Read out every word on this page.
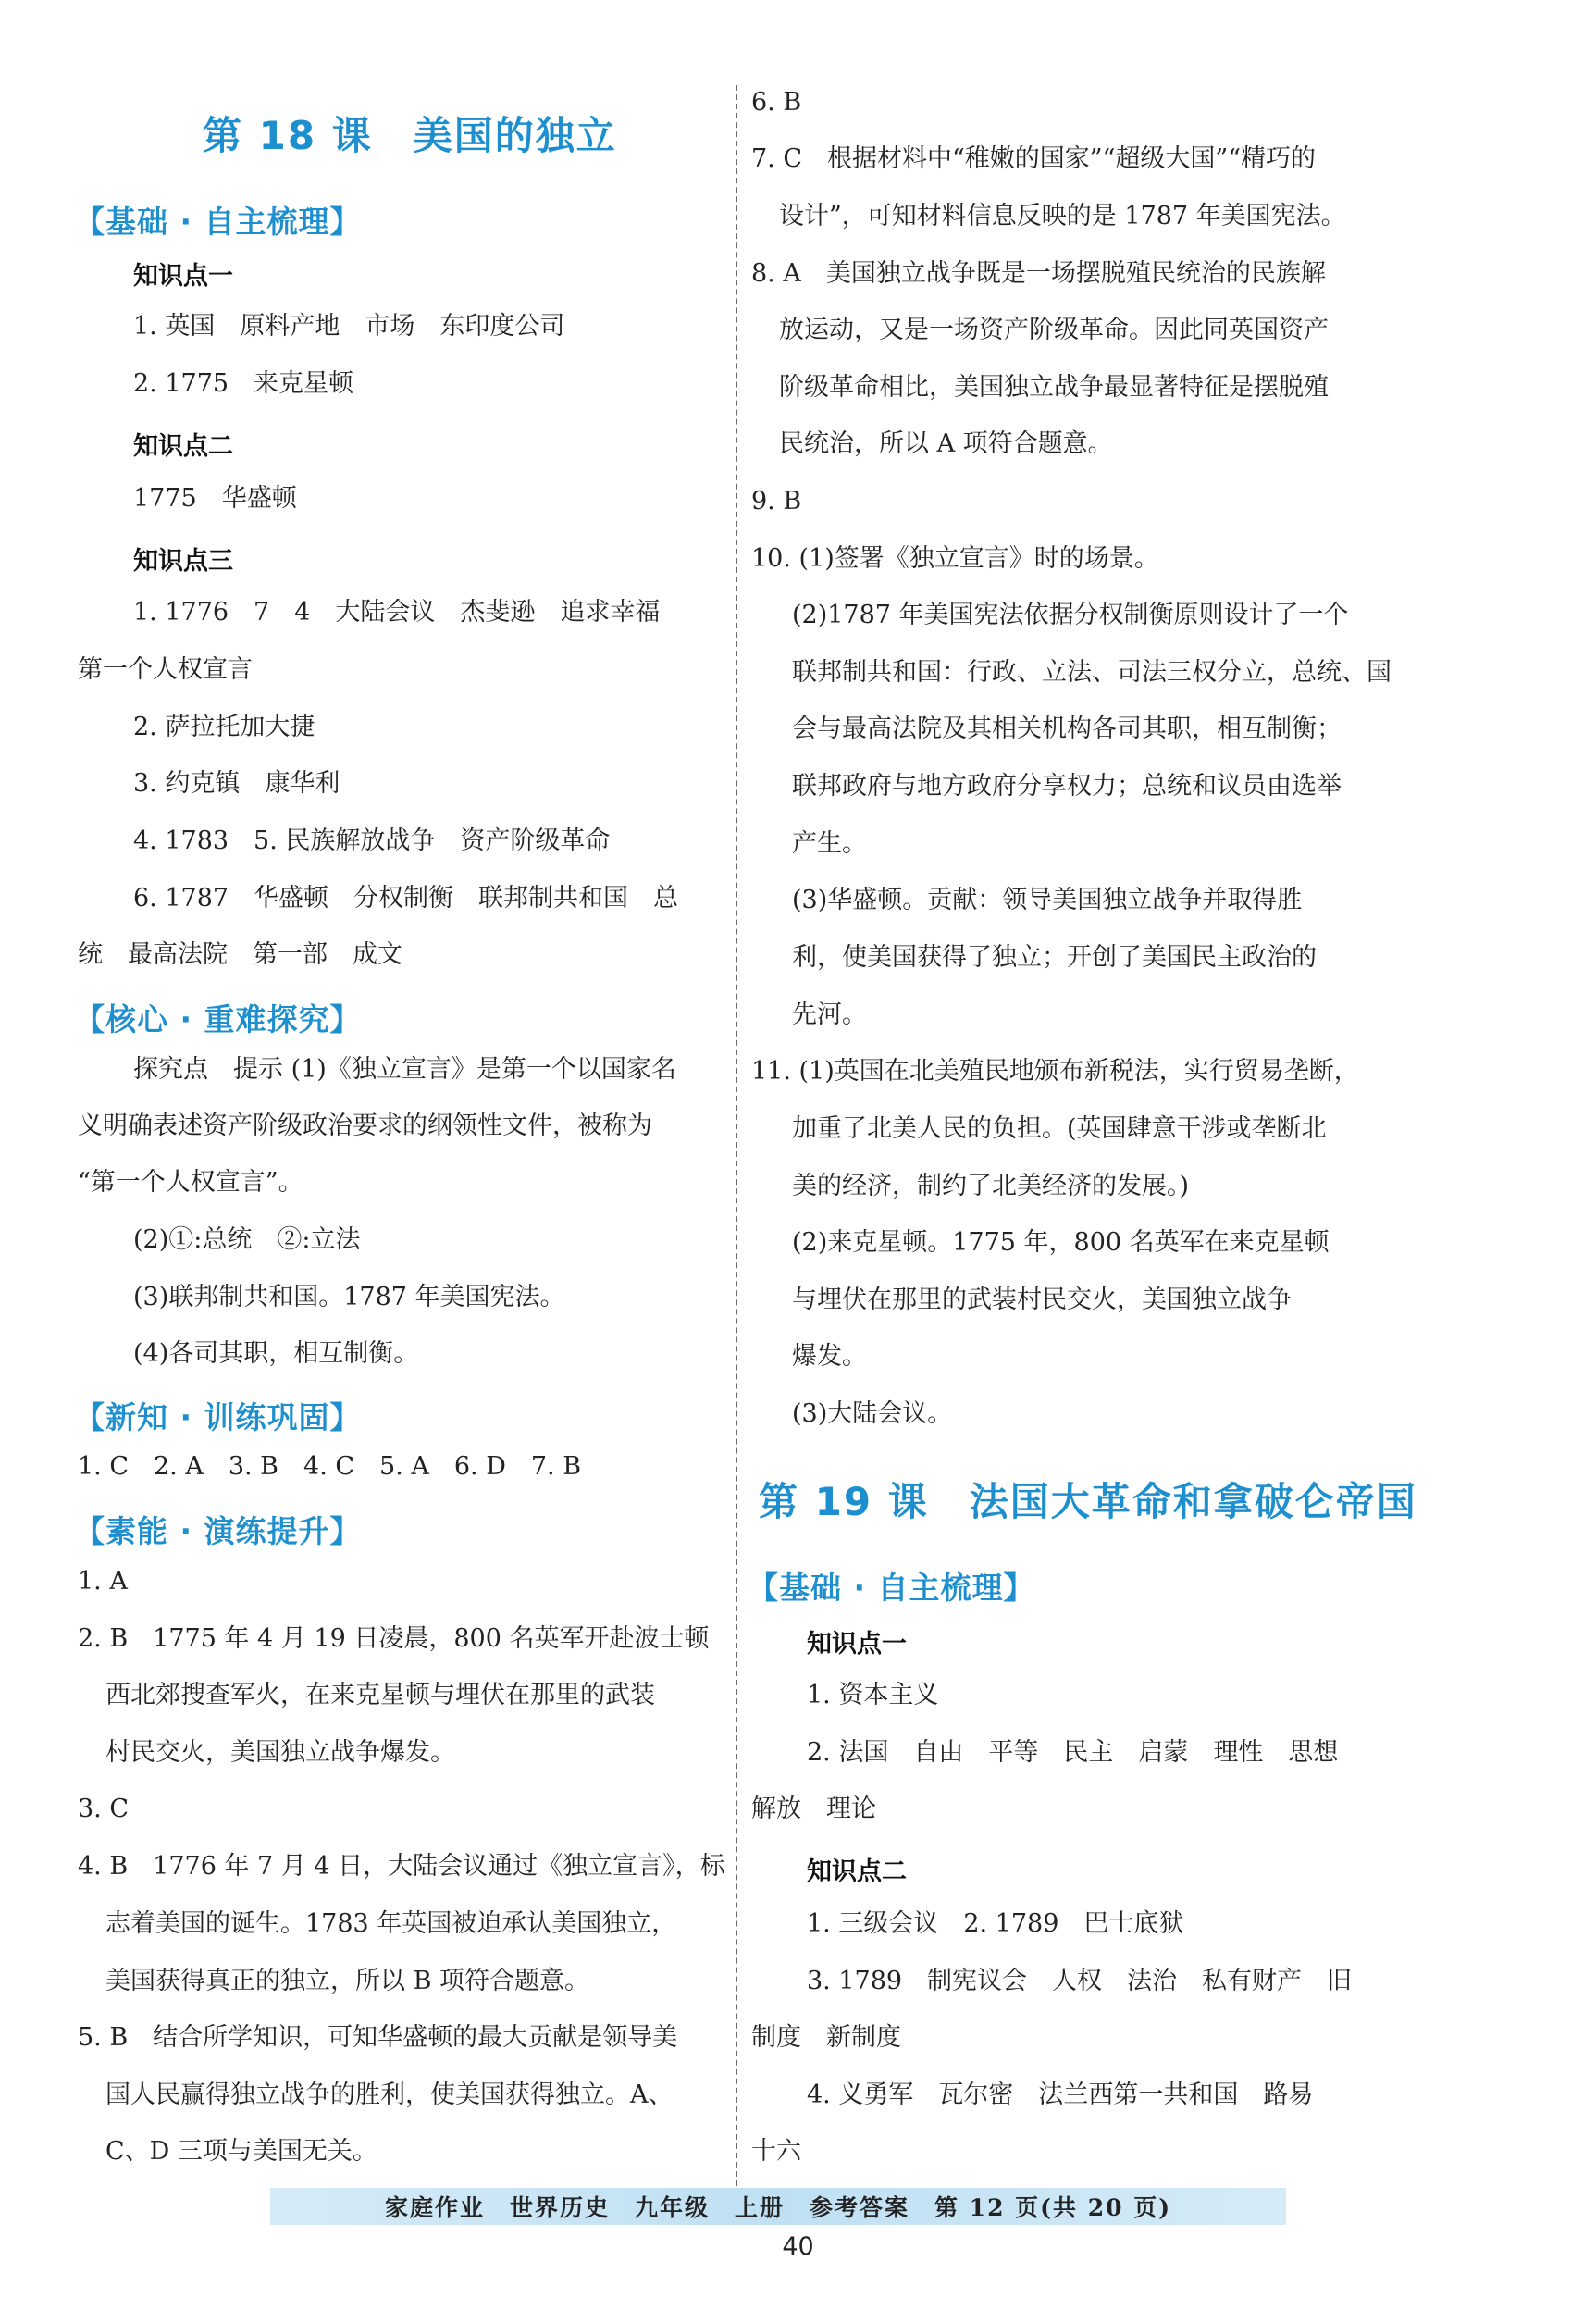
第 18 课　美国的独立
【基础 · 自主梳理】
知识点一
1. 英国　原料产地　市场　东印度公司
2. 1775　来克星顿
知识点二
1775　华盛顿
知识点三
1. 1776　7　4　大陆会议　杰斐逊　追求幸福
第一个人权宣言
2. 萨拉托加大捷
3. 约克镇　康华利
4. 1783　5. 民族解放战争　资产阶级革命
6. 1787　华盛顿　分权制衡　联邦制共和国　总
统　最高法院　第一部　成文
【核心 · 重难探究】
探究点　提示 (1)《独立宣言》是第一个以国家名
义明确表述资产阶级政治要求的纲领性文件，被称为
“第一个人权宣言”。
(2)①:总统　②:立法
(3)联邦制共和国。1787 年美国宪法。
(4)各司其职，相互制衡。
【新知 · 训练巩固】
1. C　2. A　3. B　4. C　5. A　6. D　7. B
【素能 · 演练提升】
1. A
2. B　1775 年 4 月 19 日凌晨，800 名英军开赴波士顿
西北郊搜查军火，在来克星顿与埋伏在那里的武装
村民交火，美国独立战争爆发。
3. C
4. B　1776 年 7 月 4 日，大陆会议通过《独立宣言》，标
志着美国的诞生。1783 年英国被迫承认美国独立，
美国获得真正的独立，所以 B 项符合题意。
5. B　结合所学知识，可知华盛顿的最大贡献是领导美
国人民赢得独立战争的胜利，使美国获得独立。A、
C、D 三项与美国无关。
6. B
7. C　根据材料中“稚嫩的国家”“超级大国”“精巧的
设计”，可知材料信息反映的是 1787 年美国宪法。
8. A　美国独立战争既是一场摆脱殖民统治的民族解
放运动，又是一场资产阶级革命。因此同英国资产
阶级革命相比，美国独立战争最显著特征是摆脱殖
民统治，所以 A 项符合题意。
9. B
10. (1)签署《独立宣言》时的场景。
(2)1787 年美国宪法依据分权制衡原则设计了一个
联邦制共和国：行政、立法、司法三权分立，总统、国
会与最高法院及其相关机构各司其职，相互制衡；
联邦政府与地方政府分享权力；总统和议员由选举
产生。
(3)华盛顿。贡献：领导美国独立战争并取得胜
利，使美国获得了独立；开创了美国民主政治的
先河。
11. (1)英国在北美殖民地颁布新税法，实行贸易垄断，
加重了北美人民的负担。(英国肆意干涉或垄断北
美的经济，制约了北美经济的发展。)
(2)来克星顿。1775 年，800 名英军在来克星顿
与埋伏在那里的武装村民交火，美国独立战争
爆发。
(3)大陆会议。
第 19 课　法国大革命和拿破仑帝国
【基础 · 自主梳理】
知识点一
1. 资本主义
2. 法国　自由　平等　民主　启蒙　理性　思想
解放　理论
知识点二
1. 三级会议　2. 1789　巴士底狱
3. 1789　制宪议会　人权　法治　私有财产　旧
制度　新制度
4. 义勇军　瓦尔密　法兰西第一共和国　路易
十六
家庭作业　世界历史　九年级　上册　参考答案　第 12 页(共 20 页)
40
